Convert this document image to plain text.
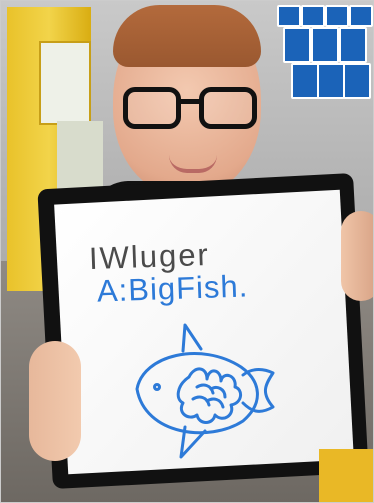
IWluger
A:BigFish.
